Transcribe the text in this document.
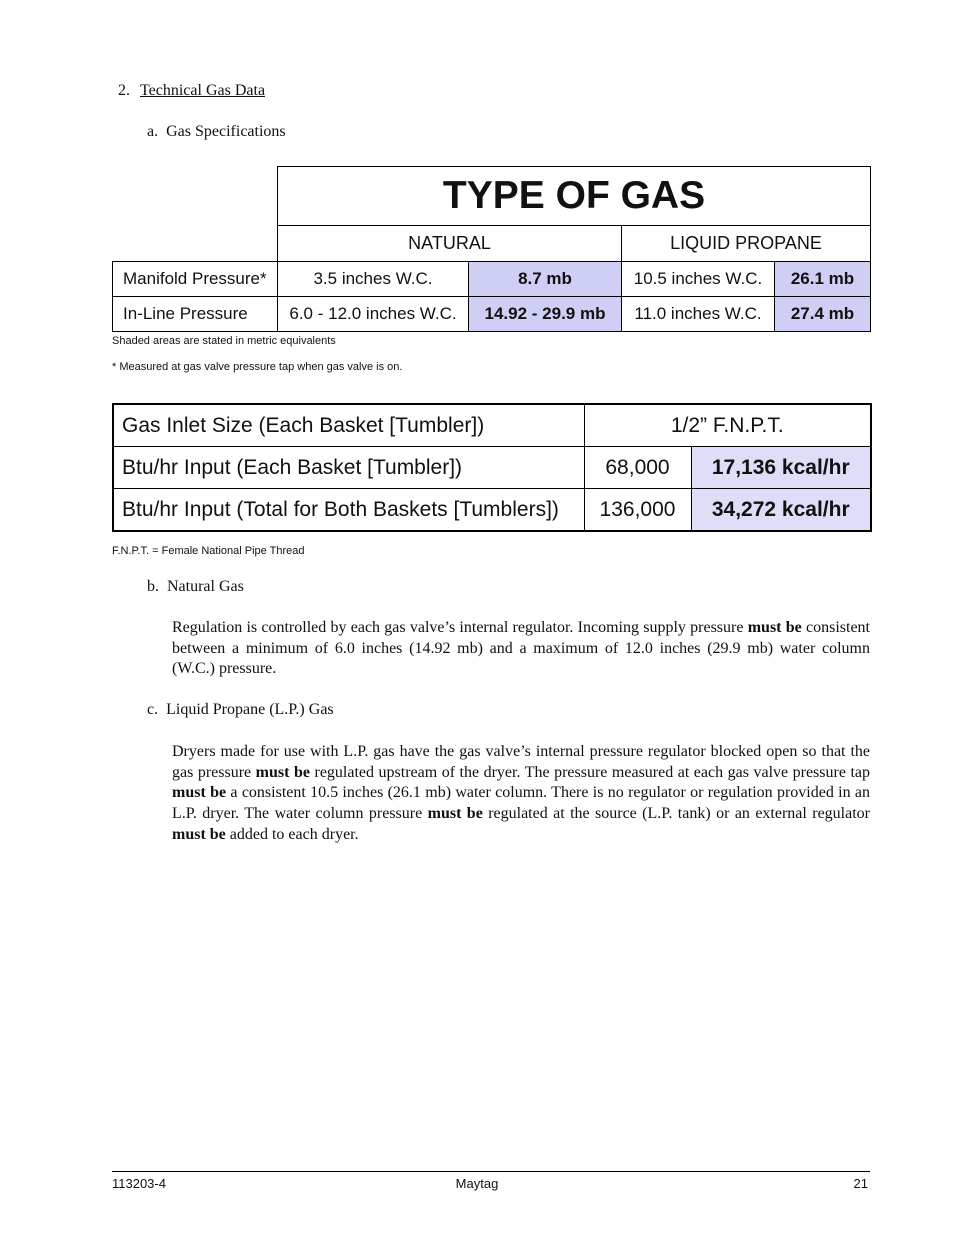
2. Technical Gas Data
a. Gas Specifications
	TYPE OF GAS			
	NATURAL		LIQUID PROPANE	
Manifold Pressure*	3.5 inches W.C.	8.7 mb	10.5 inches W.C.	26.1 mb
In-Line Pressure	6.0 - 12.0 inches W.C.	14.92 - 29.9 mb	11.0 inches W.C.	27.4 mb
Shaded areas are stated in metric equivalents
* Measured at gas valve pressure tap when gas valve is on.
Gas Inlet Size (Each Basket [Tumbler])	1/2” F.N.P.T.	
Btu/hr Input (Each Basket [Tumbler])	68,000	17,136 kcal/hr
Btu/hr Input (Total for Both Baskets [Tumblers])	136,000	34,272 kcal/hr
F.N.P.T. = Female National Pipe Thread
b. Natural Gas
Regulation is controlled by each gas valve’s internal regulator. Incoming supply pressure must be consistent between a minimum of 6.0 inches (14.92 mb) and a maximum of 12.0 inches (29.9 mb) water column (W.C.) pressure.
c. Liquid Propane (L.P.) Gas
Dryers made for use with L.P. gas have the gas valve’s internal pressure regulator blocked open so that the gas pressure must be regulated upstream of the dryer. The pressure measured at each gas valve pressure tap must be a consistent 10.5 inches (26.1 mb) water column. There is no regulator or regulation provided in an L.P. dryer. The water column pressure must be regulated at the source (L.P. tank) or an external regulator must be added to each dryer.
113203-4	Maytag	21
